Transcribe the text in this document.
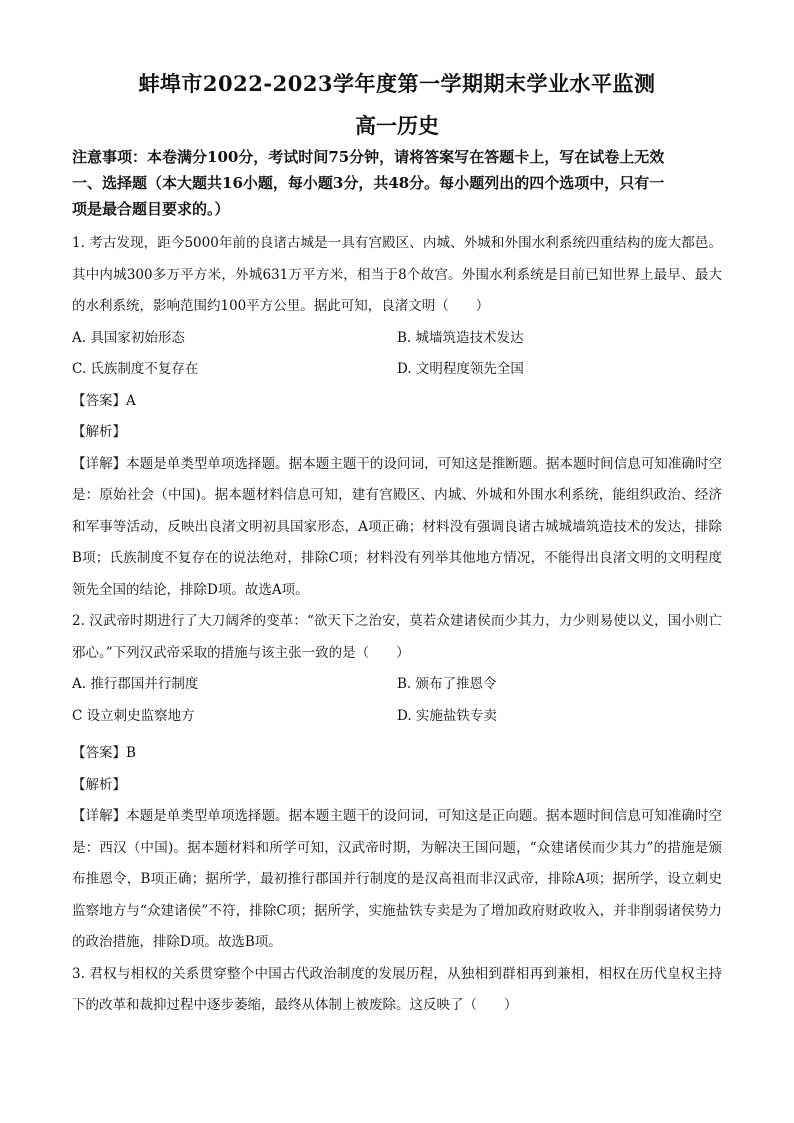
蚌埠市2022-2023学年度第一学期期末学业水平监测
高一历史

注意事项：本卷满分100分，考试时间75分钟，请将答案写在答题卡上，写在试卷上无效

一、选择题（本大题共16小题，每小题3分，共48分。每小题列出的四个选项中，只有一
项是最合题目要求的。）

1. 考古发现，距今5000年前的良诸古城是一具有宫殿区、内城、外城和外围水利系统四重结构的庞大都邑。其中内城300多万平方米，外城631万平方米，相当于8个故宫。外围水利系统是目前已知世界上最早、最大的水利系统，影响范围约100平方公里。据此可知，良渚文明（　　）

A. 具国家初始形态	B. 城墙筑造技术发达
C. 氏族制度不复存在	D. 文明程度领先全国

【答案】A

【解析】

【详解】本题是单类型单项选择题。据本题主题干的设问词，可知这是推断题。据本题时间信息可知准确时空是：原始社会（中国)。据本题材料信息可知，建有宫殿区、内城、外城和外围水利系统，能组织政治、经济和军事等活动，反映出良渚文明初具国家形态，A项正确；材料没有强调良诸古城城墙筑造技术的发达，排除B项；氏族制度不复存在的说法绝对，排除C项；材料没有列举其他地方情况，不能得出良渚文明的文明程度领先全国的结论，排除D项。故选A项。

2. 汉武帝时期进行了大刀阔斧的变革：“欲天下之治安，莫若众建诸侯而少其力，力少则易使以义，国小则亡邪心。”下列汉武帝采取的措施与该主张一致的是（　　）

A. 推行郡国并行制度	B. 颁布了推恩令
C 设立刺史监察地方	D. 实施盐铁专卖

【答案】B

【解析】

【详解】本题是单类型单项选择题。据本题主题干的设问词，可知这是正向题。据本题时间信息可知准确时空是：西汉（中国)。据本题材料和所学可知，汉武帝时期，为解决王国问题，“众建诸侯而少其力”的措施是颁布推恩令，B项正确；据所学，最初推行郡国并行制度的是汉高祖而非汉武帝，排除A项；据所学，设立刺史监察地方与“众建诸侯”不符，排除C项；据所学，实施盐铁专卖是为了增加政府财政收入，并非削弱诸侯势力的政治措施，排除D项。故选B项。

3. 君权与相权的关系贯穿整个中国古代政治制度的发展历程，从独相到群相再到兼相，相权在历代皇权主持下的改革和裁抑过程中逐步萎缩，最终从体制上被废除。这反映了（　　）
